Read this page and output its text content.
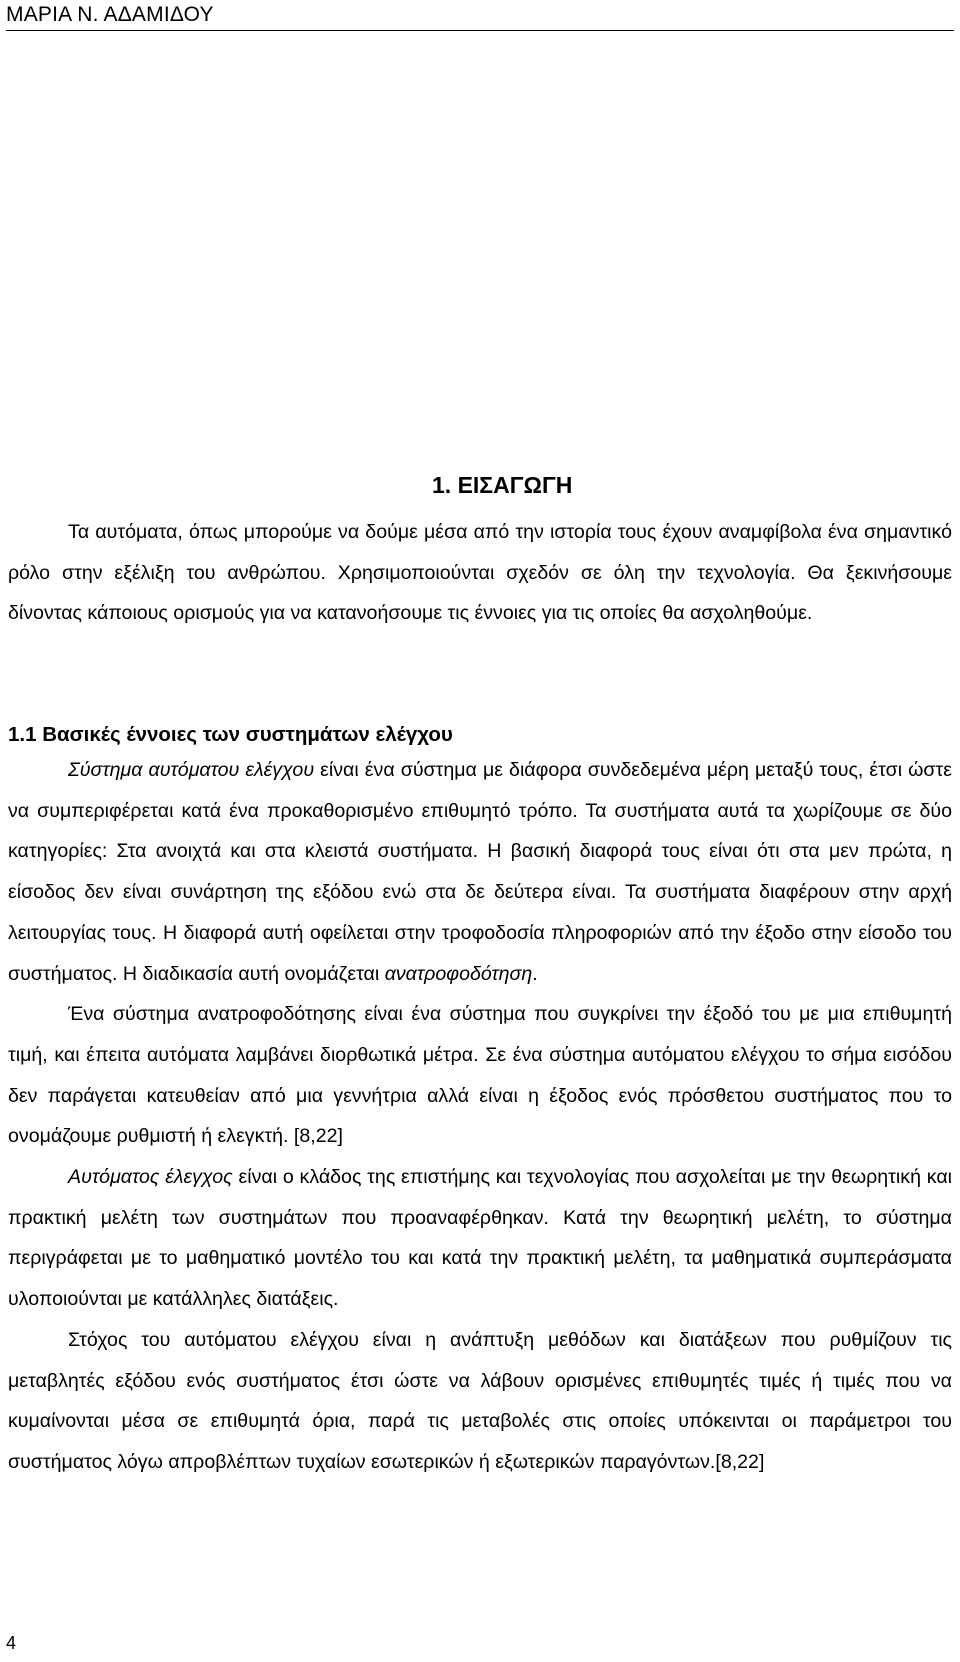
ΜΑΡΙΑ Ν. ΑΔΑΜΙΔΟΥ
1. ΕΙΣΑΓΩΓΗ

Τα αυτόματα, όπως μπορούμε να δούμε μέσα από την ιστορία τους έχουν αναμφίβολα ένα σημαντικό ρόλο στην εξέλιξη του ανθρώπου. Χρησιμοποιούνται σχεδόν σε όλη την τεχνολογία. Θα ξεκινήσουμε δίνοντας κάποιους ορισμούς για να κατανοήσουμε τις έννοιες για τις οποίες θα ασχοληθούμε.

1.1 Βασικές έννοιες των συστημάτων ελέγχου

Σύστημα αυτόματου ελέγχου είναι ένα σύστημα με διάφορα συνδεδεμένα μέρη μεταξύ τους, έτσι ώστε να συμπεριφέρεται κατά ένα προκαθορισμένο επιθυμητό τρόπο. Τα συστήματα αυτά τα χωρίζουμε σε δύο κατηγορίες: Στα ανοιχτά και στα κλειστά συστήματα. Η βασική διαφορά τους είναι ότι στα μεν πρώτα, η είσοδος δεν είναι συνάρτηση της εξόδου ενώ στα δε δεύτερα είναι. Τα συστήματα διαφέρουν στην αρχή λειτουργίας τους. Η διαφορά αυτή οφείλεται στην τροφοδοσία πληροφοριών από την έξοδο στην είσοδο του συστήματος. Η διαδικασία αυτή ονομάζεται ανατροφοδότηση.

Ένα σύστημα ανατροφοδότησης είναι ένα σύστημα που συγκρίνει την έξοδό του με μια επιθυμητή τιμή, και έπειτα αυτόματα λαμβάνει διορθωτικά μέτρα. Σε ένα σύστημα αυτόματου ελέγχου το σήμα εισόδου δεν παράγεται κατευθείαν από μια γεννήτρια αλλά είναι η έξοδος ενός πρόσθετου συστήματος που το ονομάζουμε ρυθμιστή ή ελεγκτή. [8,22]

Αυτόματος έλεγχος είναι ο κλάδος της επιστήμης και τεχνολογίας που ασχολείται με την θεωρητική και πρακτική μελέτη των συστημάτων που προαναφέρθηκαν. Κατά την θεωρητική μελέτη, το σύστημα περιγράφεται με το μαθηματικό μοντέλο του και κατά την πρακτική μελέτη, τα μαθηματικά συμπεράσματα υλοποιούνται με κατάλληλες διατάξεις.

Στόχος του αυτόματου ελέγχου είναι η ανάπτυξη μεθόδων και διατάξεων που ρυθμίζουν τις μεταβλητές εξόδου ενός συστήματος έτσι ώστε να λάβουν ορισμένες επιθυμητές τιμές ή τιμές που να κυμαίνονται μέσα σε επιθυμητά όρια, παρά τις μεταβολές στις οποίες υπόκεινται οι παράμετροι του συστήματος λόγω απροβλέπτων τυχαίων εσωτερικών ή εξωτερικών παραγόντων.[8,22]

4
